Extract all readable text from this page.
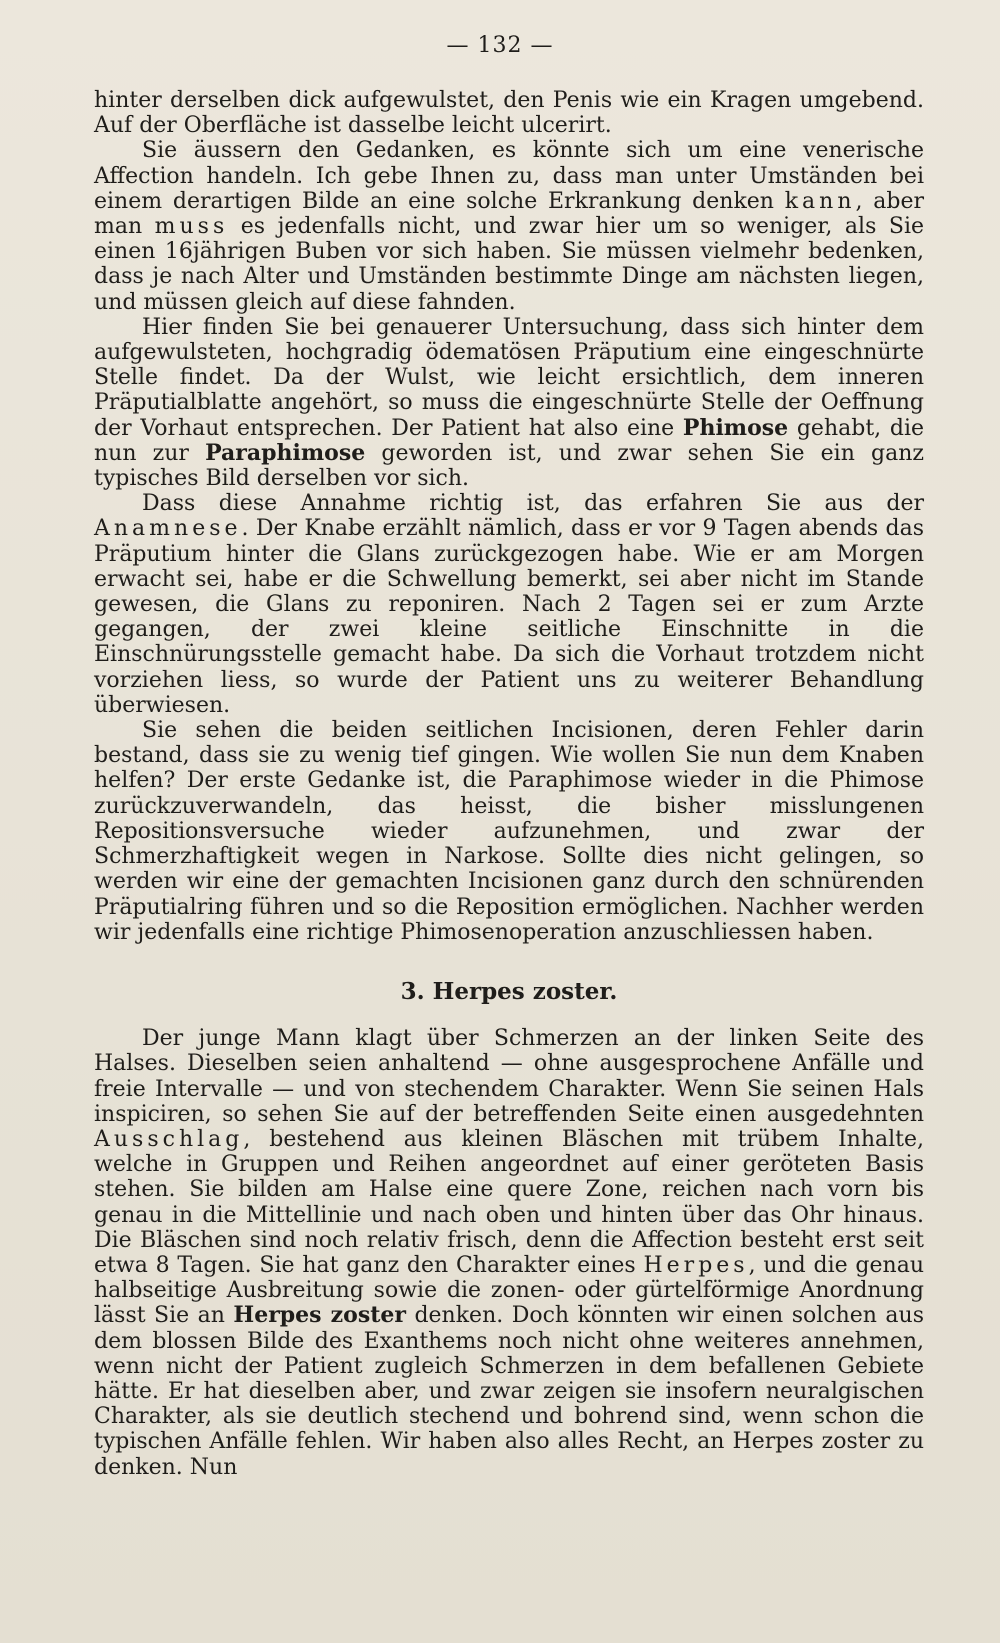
— 132 —

hinter derselben dick aufgewulstet, den Penis wie ein Kragen umgebend. Auf der Oberfläche ist dasselbe leicht ulcerirt.

Sie äussern den Gedanken, es könnte sich um eine venerische Affection handeln. Ich gebe Ihnen zu, dass man unter Umständen bei einem derartigen Bilde an eine solche Erkrankung denken kann, aber man muss es jedenfalls nicht, und zwar hier um so weniger, als Sie einen 16jährigen Buben vor sich haben. Sie müssen vielmehr bedenken, dass je nach Alter und Umständen bestimmte Dinge am nächsten liegen, und müssen gleich auf diese fahnden.

Hier finden Sie bei genauerer Untersuchung, dass sich hinter dem aufgewulsteten, hochgradig ödematösen Präputium eine eingeschnürte Stelle findet. Da der Wulst, wie leicht ersichtlich, dem inneren Präputialblatte angehört, so muss die eingeschnürte Stelle der Oeffnung der Vorhaut entsprechen. Der Patient hat also eine Phimose gehabt, die nun zur Paraphimose geworden ist, und zwar sehen Sie ein ganz typisches Bild derselben vor sich.

Dass diese Annahme richtig ist, das erfahren Sie aus der Anamnese. Der Knabe erzählt nämlich, dass er vor 9 Tagen abends das Präputium hinter die Glans zurückgezogen habe. Wie er am Morgen erwacht sei, habe er die Schwellung bemerkt, sei aber nicht im Stande gewesen, die Glans zu reponiren. Nach 2 Tagen sei er zum Arzte gegangen, der zwei kleine seitliche Einschnitte in die Einschnürungsstelle gemacht habe. Da sich die Vorhaut trotzdem nicht vorziehen liess, so wurde der Patient uns zu weiterer Behandlung überwiesen.

Sie sehen die beiden seitlichen Incisionen, deren Fehler darin bestand, dass sie zu wenig tief gingen. Wie wollen Sie nun dem Knaben helfen? Der erste Gedanke ist, die Paraphimose wieder in die Phimose zurückzuverwandeln, das heisst, die bisher misslungenen Repositionsversuche wieder aufzunehmen, und zwar der Schmerzhaftigkeit wegen in Narkose. Sollte dies nicht gelingen, so werden wir eine der gemachten Incisionen ganz durch den schnürenden Präputialring führen und so die Reposition ermöglichen. Nachher werden wir jedenfalls eine richtige Phimosenoperation anzuschliessen haben.

3. Herpes zoster.

Der junge Mann klagt über Schmerzen an der linken Seite des Halses. Dieselben seien anhaltend — ohne ausgesprochene Anfälle und freie Intervalle — und von stechendem Charakter. Wenn Sie seinen Hals inspiciren, so sehen Sie auf der betreffenden Seite einen ausgedehnten Ausschlag, bestehend aus kleinen Bläschen mit trübem Inhalte, welche in Gruppen und Reihen angeordnet auf einer geröteten Basis stehen. Sie bilden am Halse eine quere Zone, reichen nach vorn bis genau in die Mittellinie und nach oben und hinten über das Ohr hinaus. Die Bläschen sind noch relativ frisch, denn die Affection besteht erst seit etwa 8 Tagen. Sie hat ganz den Charakter eines Herpes, und die genau halbseitige Ausbreitung sowie die zonen- oder gürtelförmige Anordnung lässt Sie an Herpes zoster denken. Doch könnten wir einen solchen aus dem blossen Bilde des Exanthems noch nicht ohne weiteres annehmen, wenn nicht der Patient zugleich Schmerzen in dem befallenen Gebiete hätte. Er hat dieselben aber, und zwar zeigen sie insofern neuralgischen Charakter, als sie deutlich stechend und bohrend sind, wenn schon die typischen Anfälle fehlen. Wir haben also alles Recht, an Herpes zoster zu denken. Nun
